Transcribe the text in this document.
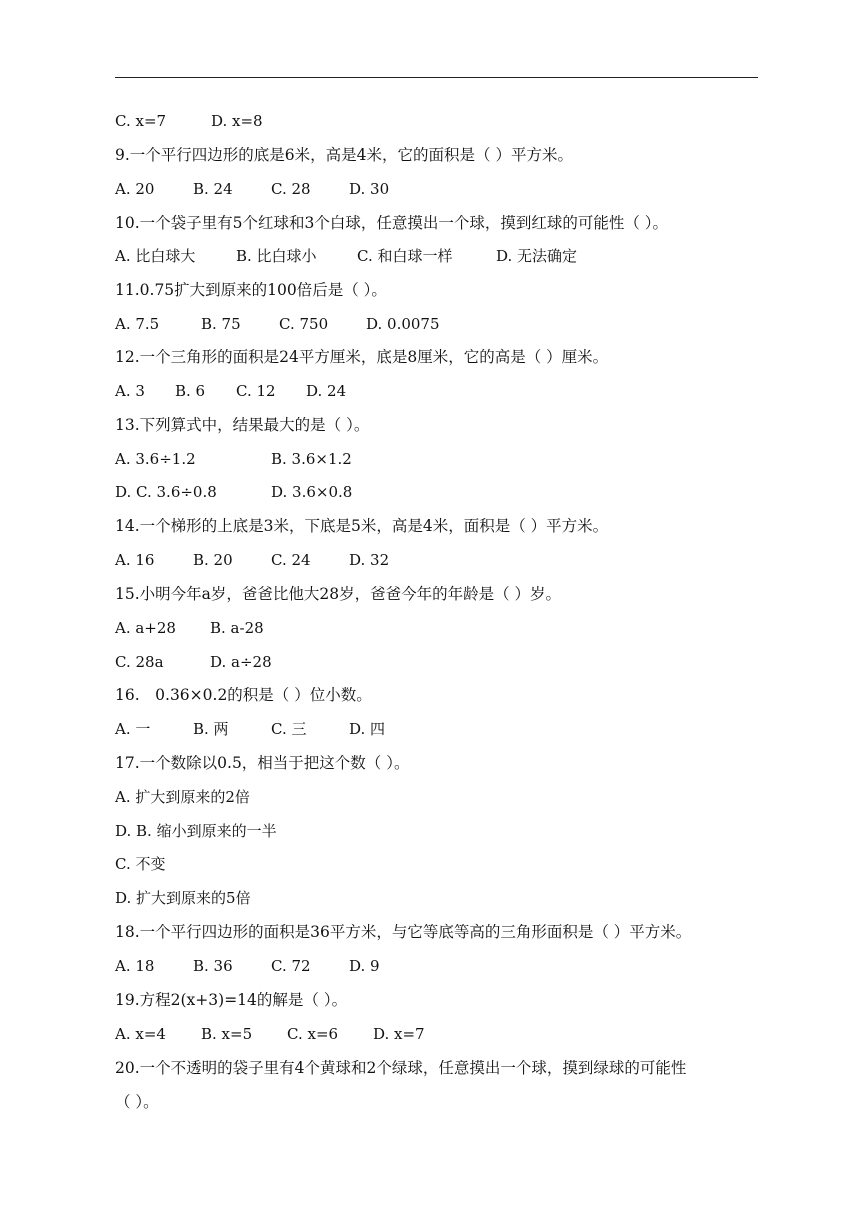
C. x=7	D. x=8
9.一个平行四边形的底是6米，高是4米，它的面积是（ ）平方米。
A. 20	B. 24	C. 28	D. 30
10.一个袋子里有5个红球和3个白球，任意摸出一个球，摸到红球的可能性（ ）。
A. 比白球大	B. 比白球小	C. 和白球一样	D. 无法确定
11.0.75扩大到原来的100倍后是（ ）。
A. 7.5	B. 75	C. 750	D. 0.0075
12.一个三角形的面积是24平方厘米，底是8厘米，它的高是（ ）厘米。
A. 3 B. 6 C. 12 D. 24
13.下列算式中，结果最大的是（ ）。
A. 3.6÷1.2	B. 3.6×1.2
D. C. 3.6÷0.8	D. 3.6×0.8
14.一个梯形的上底是3米，下底是5米，高是4米，面积是（ ）平方米。
A. 16	B. 20	C. 24	D. 32
15.小明今年a岁，爸爸比他大28岁，爸爸今年的年龄是（ ）岁。
A. a+28 B. a-28
C. 28a	D. a÷28
16.　0.36×0.2的积是（ ）位小数。
A. 一	B. 两	C. 三	D. 四
17.一个数除以0.5，相当于把这个数（ ）。
A. 扩大到原来的2倍
D. B. 缩小到原来的一半
C. 不变
D. 扩大到原来的5倍
18.一个平行四边形的面积是36平方米，与它等底等高的三角形面积是（ ）平方米。
A. 18	B. 36	C. 72	D. 9
19.方程2(x+3)=14的解是（ ）。
A. x=4 B. x=5 C. x=6 D. x=7
20.一个不透明的袋子里有4个黄球和2个绿球，任意摸出一个球，摸到绿球的可能性
（ ）。
